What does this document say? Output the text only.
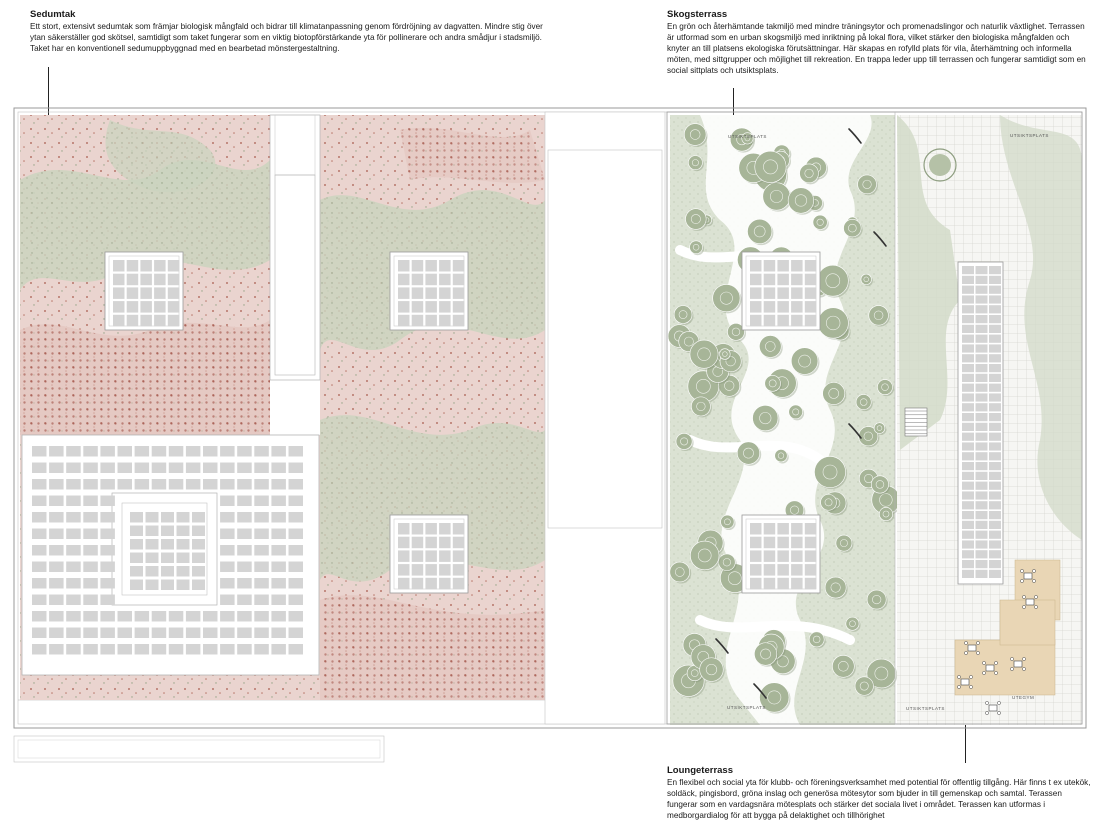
Sedumtak

Ett stort, extensivt sedumtak som främjar biologisk mångfald och bidrar till klimatanpassning genom fördröjning av dagvatten. Mindre stig över ytan säkerställer god skötsel, samtidigt som taket fungerar som en viktig biotopförstärkande yta för pollinerare och andra smådjur i stadsmiljö. Taket har en konventionell sedumuppbyggnad med en bearbetad mönstergestaltning.

Skogsterrass

En grön och återhämtande takmiljö med mindre träningsytor och promenadslingor och naturlik växtlighet. Terrassen är utformad som en urban skogsmiljö med inriktning på lokal flora, vilket stärker den biologiska mångfalden och knyter an till platsens ekologiska förutsättningar. Här skapas en rofylld plats för vila, återhämtning och informella möten, med sittgrupper och möjlighet till rekreation. En trappa leder upp till terrassen och fungerar samtidigt som en social sittplats och utsiktsplats.

Loungeterrass

En flexibel och social yta för klubb- och föreningsverksamhet med potential för offentlig tillgång. Här finns t ex utekök, soldäck, pingisbord, gröna inslag och generösa mötesytor som bjuder in till gemenskap och samtal. Terassen fungerar som en vardagsnära mötesplats och stärker det sociala livet i området. Terassen kan utformas i medborgardialog för att bygga på delaktighet och tillhörighet

UTSIKTSPLATS
UTSIKTSPLATS
UTSIKTSPLATS
UTSIKTSPLATS
UTEGYM
